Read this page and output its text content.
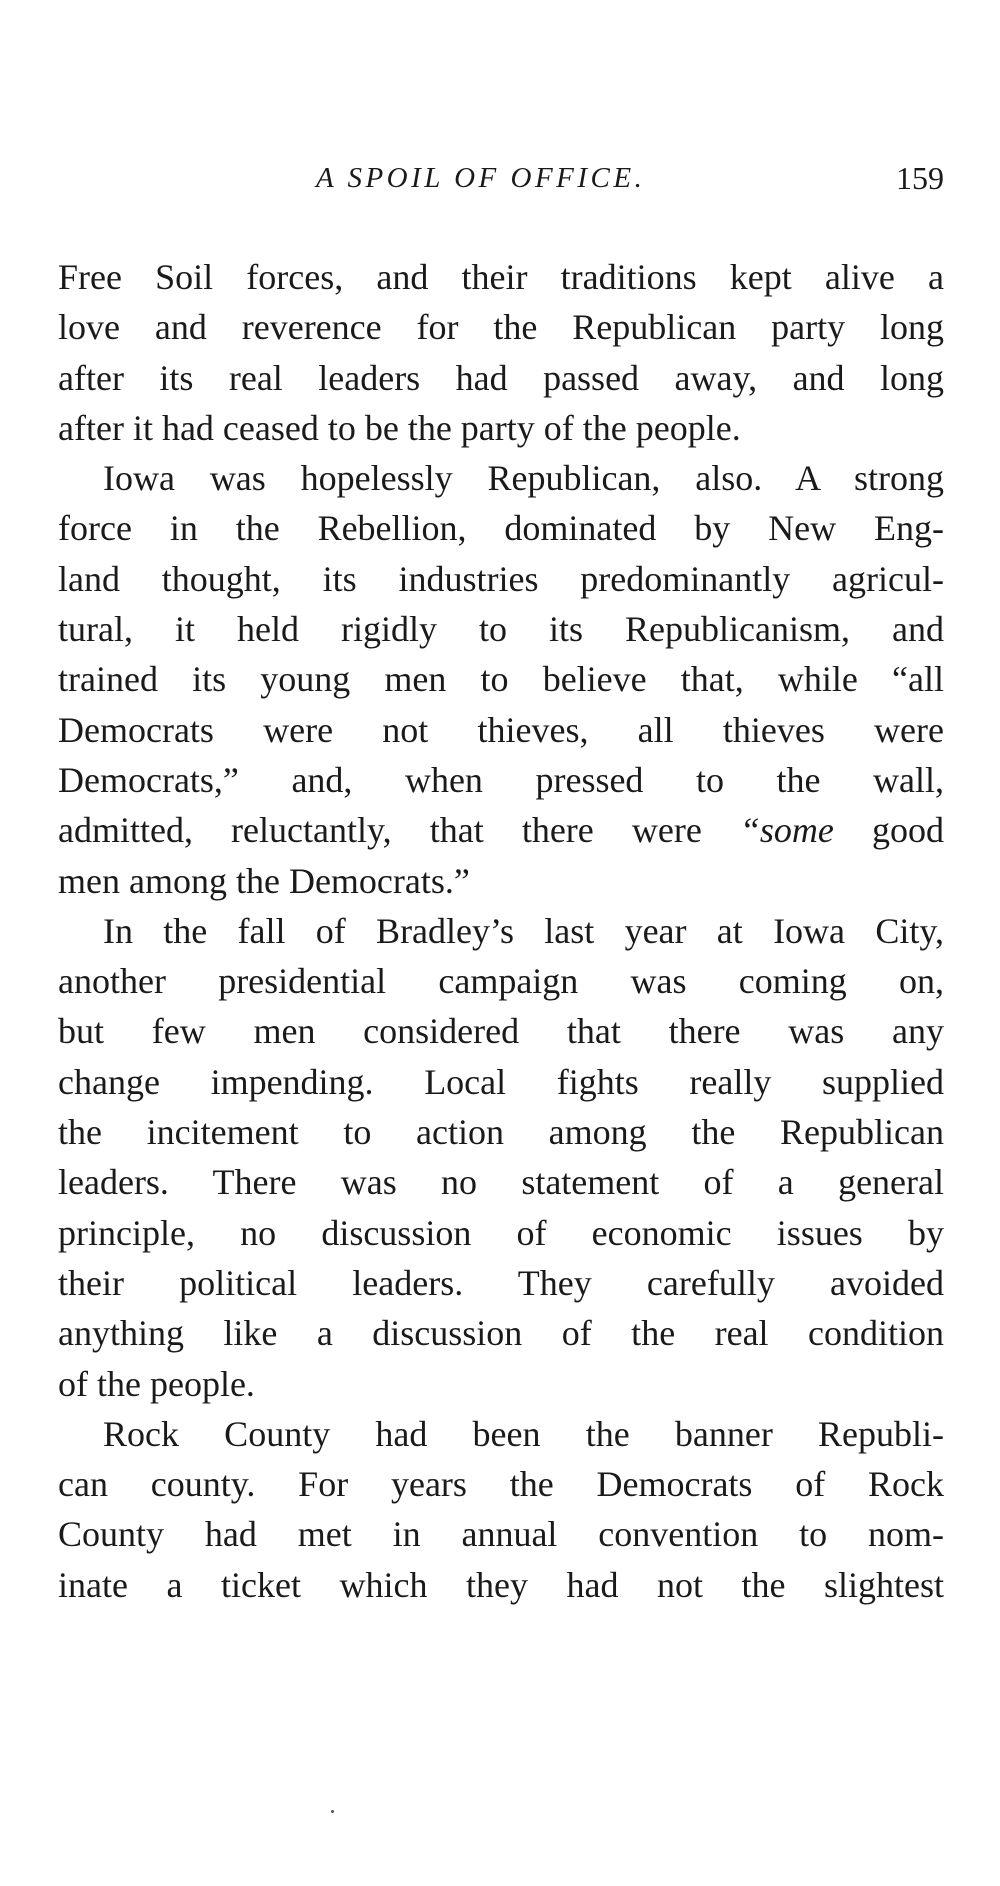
A SPOIL OF OFFICE.	159
Free Soil forces, and their traditions kept alive a
love and reverence for the Republican party long
after its real leaders had passed away, and long
after it had ceased to be the party of the people.
Iowa was hopelessly Republican, also. A strong
force in the Rebellion, dominated by New Eng-
land thought, its industries predominantly agricul-
tural, it held rigidly to its Republicanism, and
trained its young men to believe that, while “all
Democrats were not thieves, all thieves were
Democrats,” and, when pressed to the wall,
admitted, reluctantly, that there were “some good
men among the Democrats.”
In the fall of Bradley’s last year at Iowa City,
another presidential campaign was coming on,
but few men considered that there was any
change impending. Local fights really supplied
the incitement to action among the Republican
leaders. There was no statement of a general
principle, no discussion of economic issues by
their political leaders. They carefully avoided
anything like a discussion of the real condition
of the people.
Rock County had been the banner Republi-
can county. For years the Democrats of Rock
County had met in annual convention to nom-
inate a ticket which they had not the slightest
